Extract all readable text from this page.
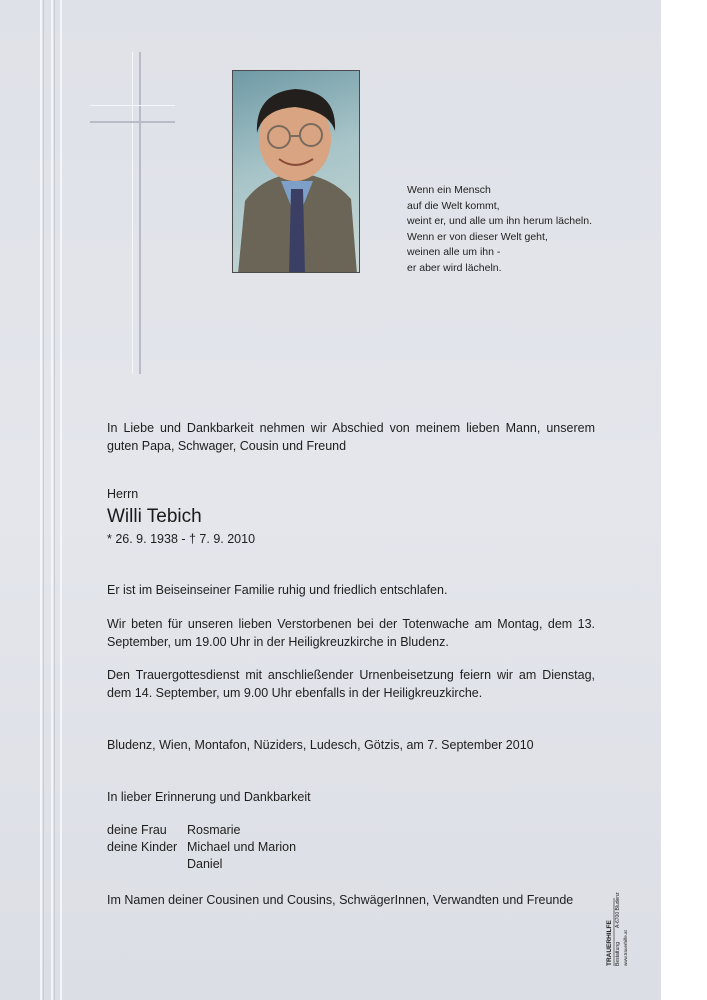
Wenn ein Mensch
auf die Welt kommt,
weint er, und alle um ihn herum lächeln.
Wenn er von dieser Welt geht,
weinen alle um ihn -
er aber wird lächeln.
In Liebe und Dankbarkeit nehmen wir Abschied von meinem lieben Mann, unserem guten Papa, Schwager, Cousin und Freund
Herrn
Willi Tebich
* 26. 9. 1938 - † 7. 9. 2010
Er ist im Beiseinseiner Familie ruhig und friedlich entschlafen.
Wir beten für unseren lieben Verstorbenen bei der Totenwache am Montag, dem 13. September, um 19.00 Uhr in der Heiligkreuzkirche in Bludenz.
Den Trauergottesdienst mit anschließender Urnenbeisetzung feiern wir am Dienstag, dem 14. September, um 9.00 Uhr ebenfalls in der Heiligkreuzkirche.
Bludenz, Wien, Montafon, Nüziders, Ludesch, Götzis, am 7. September 2010
In lieber Erinnerung und Dankbarkeit
deine Frau Rosmarie
deine Kinder Michael und Marion
Daniel
Im Namen deiner Cousinen und Cousins, SchwägerInnen, Verwandten und Freunde
TRAUERHILFE Bestattung
A-6700 Bludenz
www.trauerhilfe.at
